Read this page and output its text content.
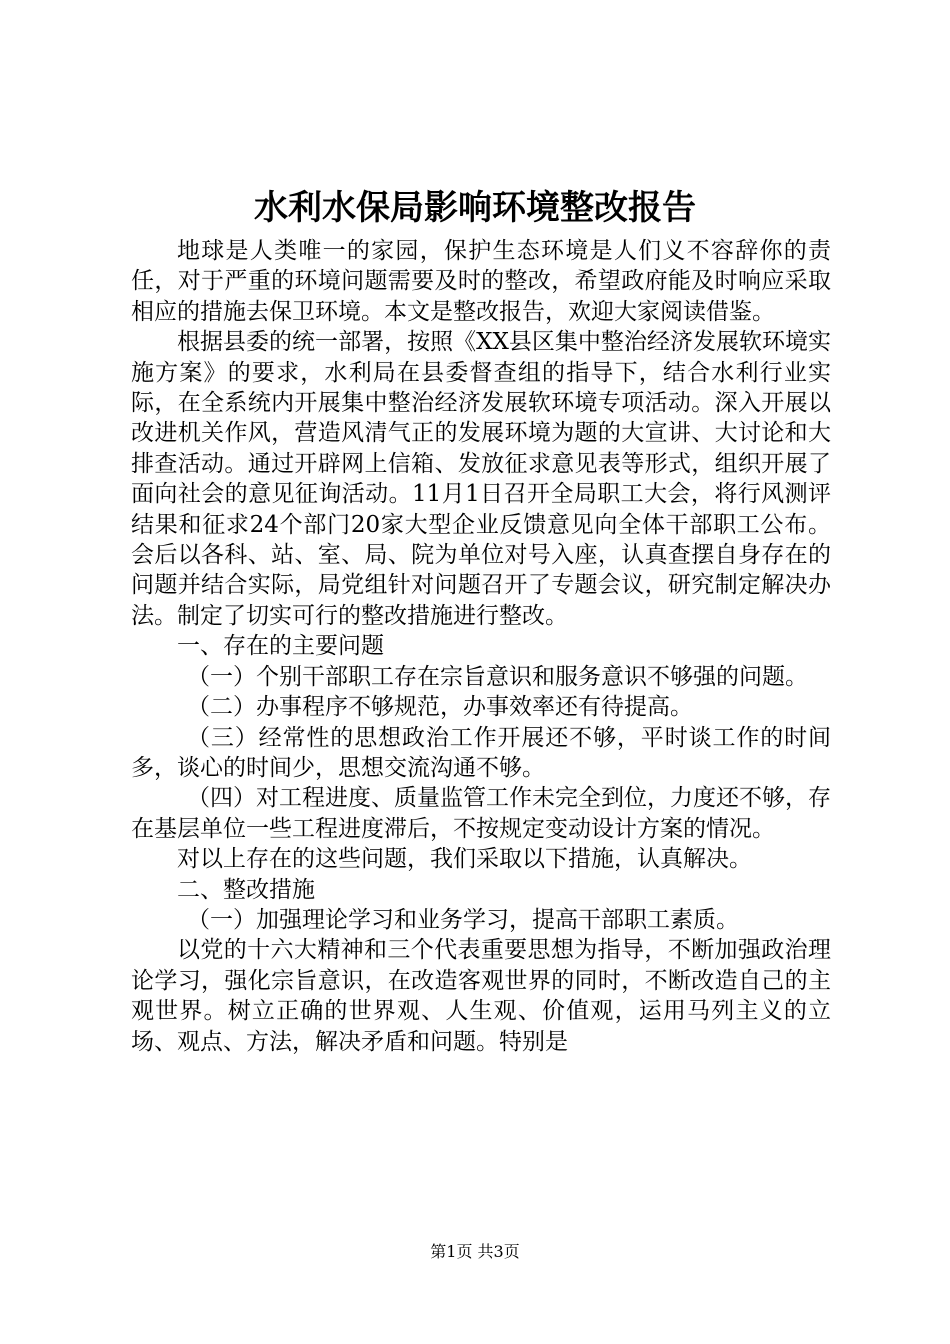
水利水保局影响环境整改报告

地球是人类唯一的家园，保护生态环境是人们义不容辞你的责任，对于严重的环境问题需要及时的整改，希望政府能及时响应采取相应的措施去保卫环境。本文是整改报告，欢迎大家阅读借鉴。

根据县委的统一部署，按照《XX县区集中整治经济发展软环境实施方案》的要求，水利局在县委督查组的指导下，结合水利行业实际，在全系统内开展集中整治经济发展软环境专项活动。深入开展以改进机关作风，营造风清气正的发展环境为题的大宣讲、大讨论和大排查活动。通过开辟网上信箱、发放征求意见表等形式，组织开展了面向社会的意见征询活动。11月1日召开全局职工大会，将行风测评结果和征求24个部门20家大型企业反馈意见向全体干部职工公布。会后以各科、站、室、局、院为单位对号入座，认真查摆自身存在的问题并结合实际，局党组针对问题召开了专题会议，研究制定解决办法。制定了切实可行的整改措施进行整改。

一、存在的主要问题

（一）个别干部职工存在宗旨意识和服务意识不够强的问题。

（二）办事程序不够规范，办事效率还有待提高。

（三）经常性的思想政治工作开展还不够，平时谈工作的时间多，谈心的时间少，思想交流沟通不够。

（四）对工程进度、质量监管工作未完全到位，力度还不够，存在基层单位一些工程进度滞后，不按规定变动设计方案的情况。

对以上存在的这些问题，我们采取以下措施，认真解决。

二、整改措施

（一）加强理论学习和业务学习，提高干部职工素质。

以党的十六大精神和三个代表重要思想为指导，不断加强政治理论学习，强化宗旨意识，在改造客观世界的同时，不断改造自己的主观世界。树立正确的世界观、人生观、价值观，运用马列主义的立场、观点、方法，解决矛盾和问题。特别是

第1页 共3页
